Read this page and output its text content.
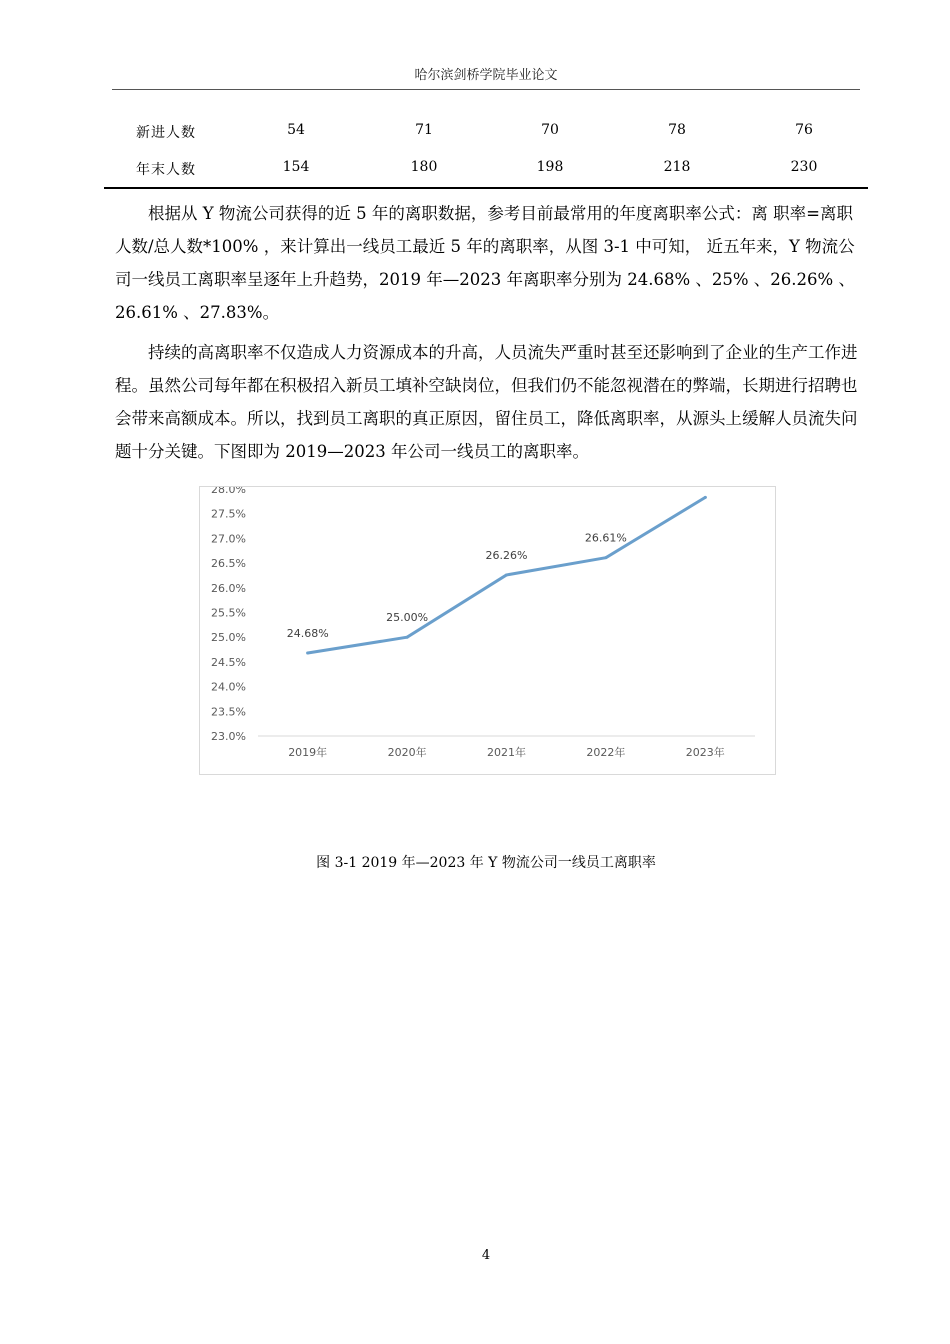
哈尔滨剑桥学院毕业论文
新进人数	54	71	70	78	76
年末人数	154	180	198	218	230

根据从 Y 物流公司获得的近 5 年的离职数据，参考目前最常用的年度离职率公式：离 职率=离职人数/总人数*100% ，来计算出一线员工最近 5 年的离职率，从图 3-1 中可知， 近五年来，Y 物流公司一线员工离职率呈逐年上升趋势，2019 年—2023 年离职率分别为 24.68% 、25% 、26.26% 、26.61% 、27.83%。

持续的高离职率不仅造成人力资源成本的升高，人员流失严重时甚至还影响到了企业的生产工作进程。虽然公司每年都在积极招入新员工填补空缺岗位，但我们仍不能忽视潜在的弊端，长期进行招聘也会带来高额成本。所以，找到员工离职的真正原因，留住员工，降低离职率，从源头上缓解人员流失问题十分关键。下图即为 2019—2023 年公司一线员工的离职率。

23.0%
23.5%
24.0%
24.5%
25.0%
25.5%
26.0%
26.5%
27.0%
27.5%
28.0%
2019年	2020年	2021年	2022年	2023年
24.68%
25.00%
26.26%
26.61%
图 3-1 2019 年—2023 年 Y 物流公司一线员工离职率
4
